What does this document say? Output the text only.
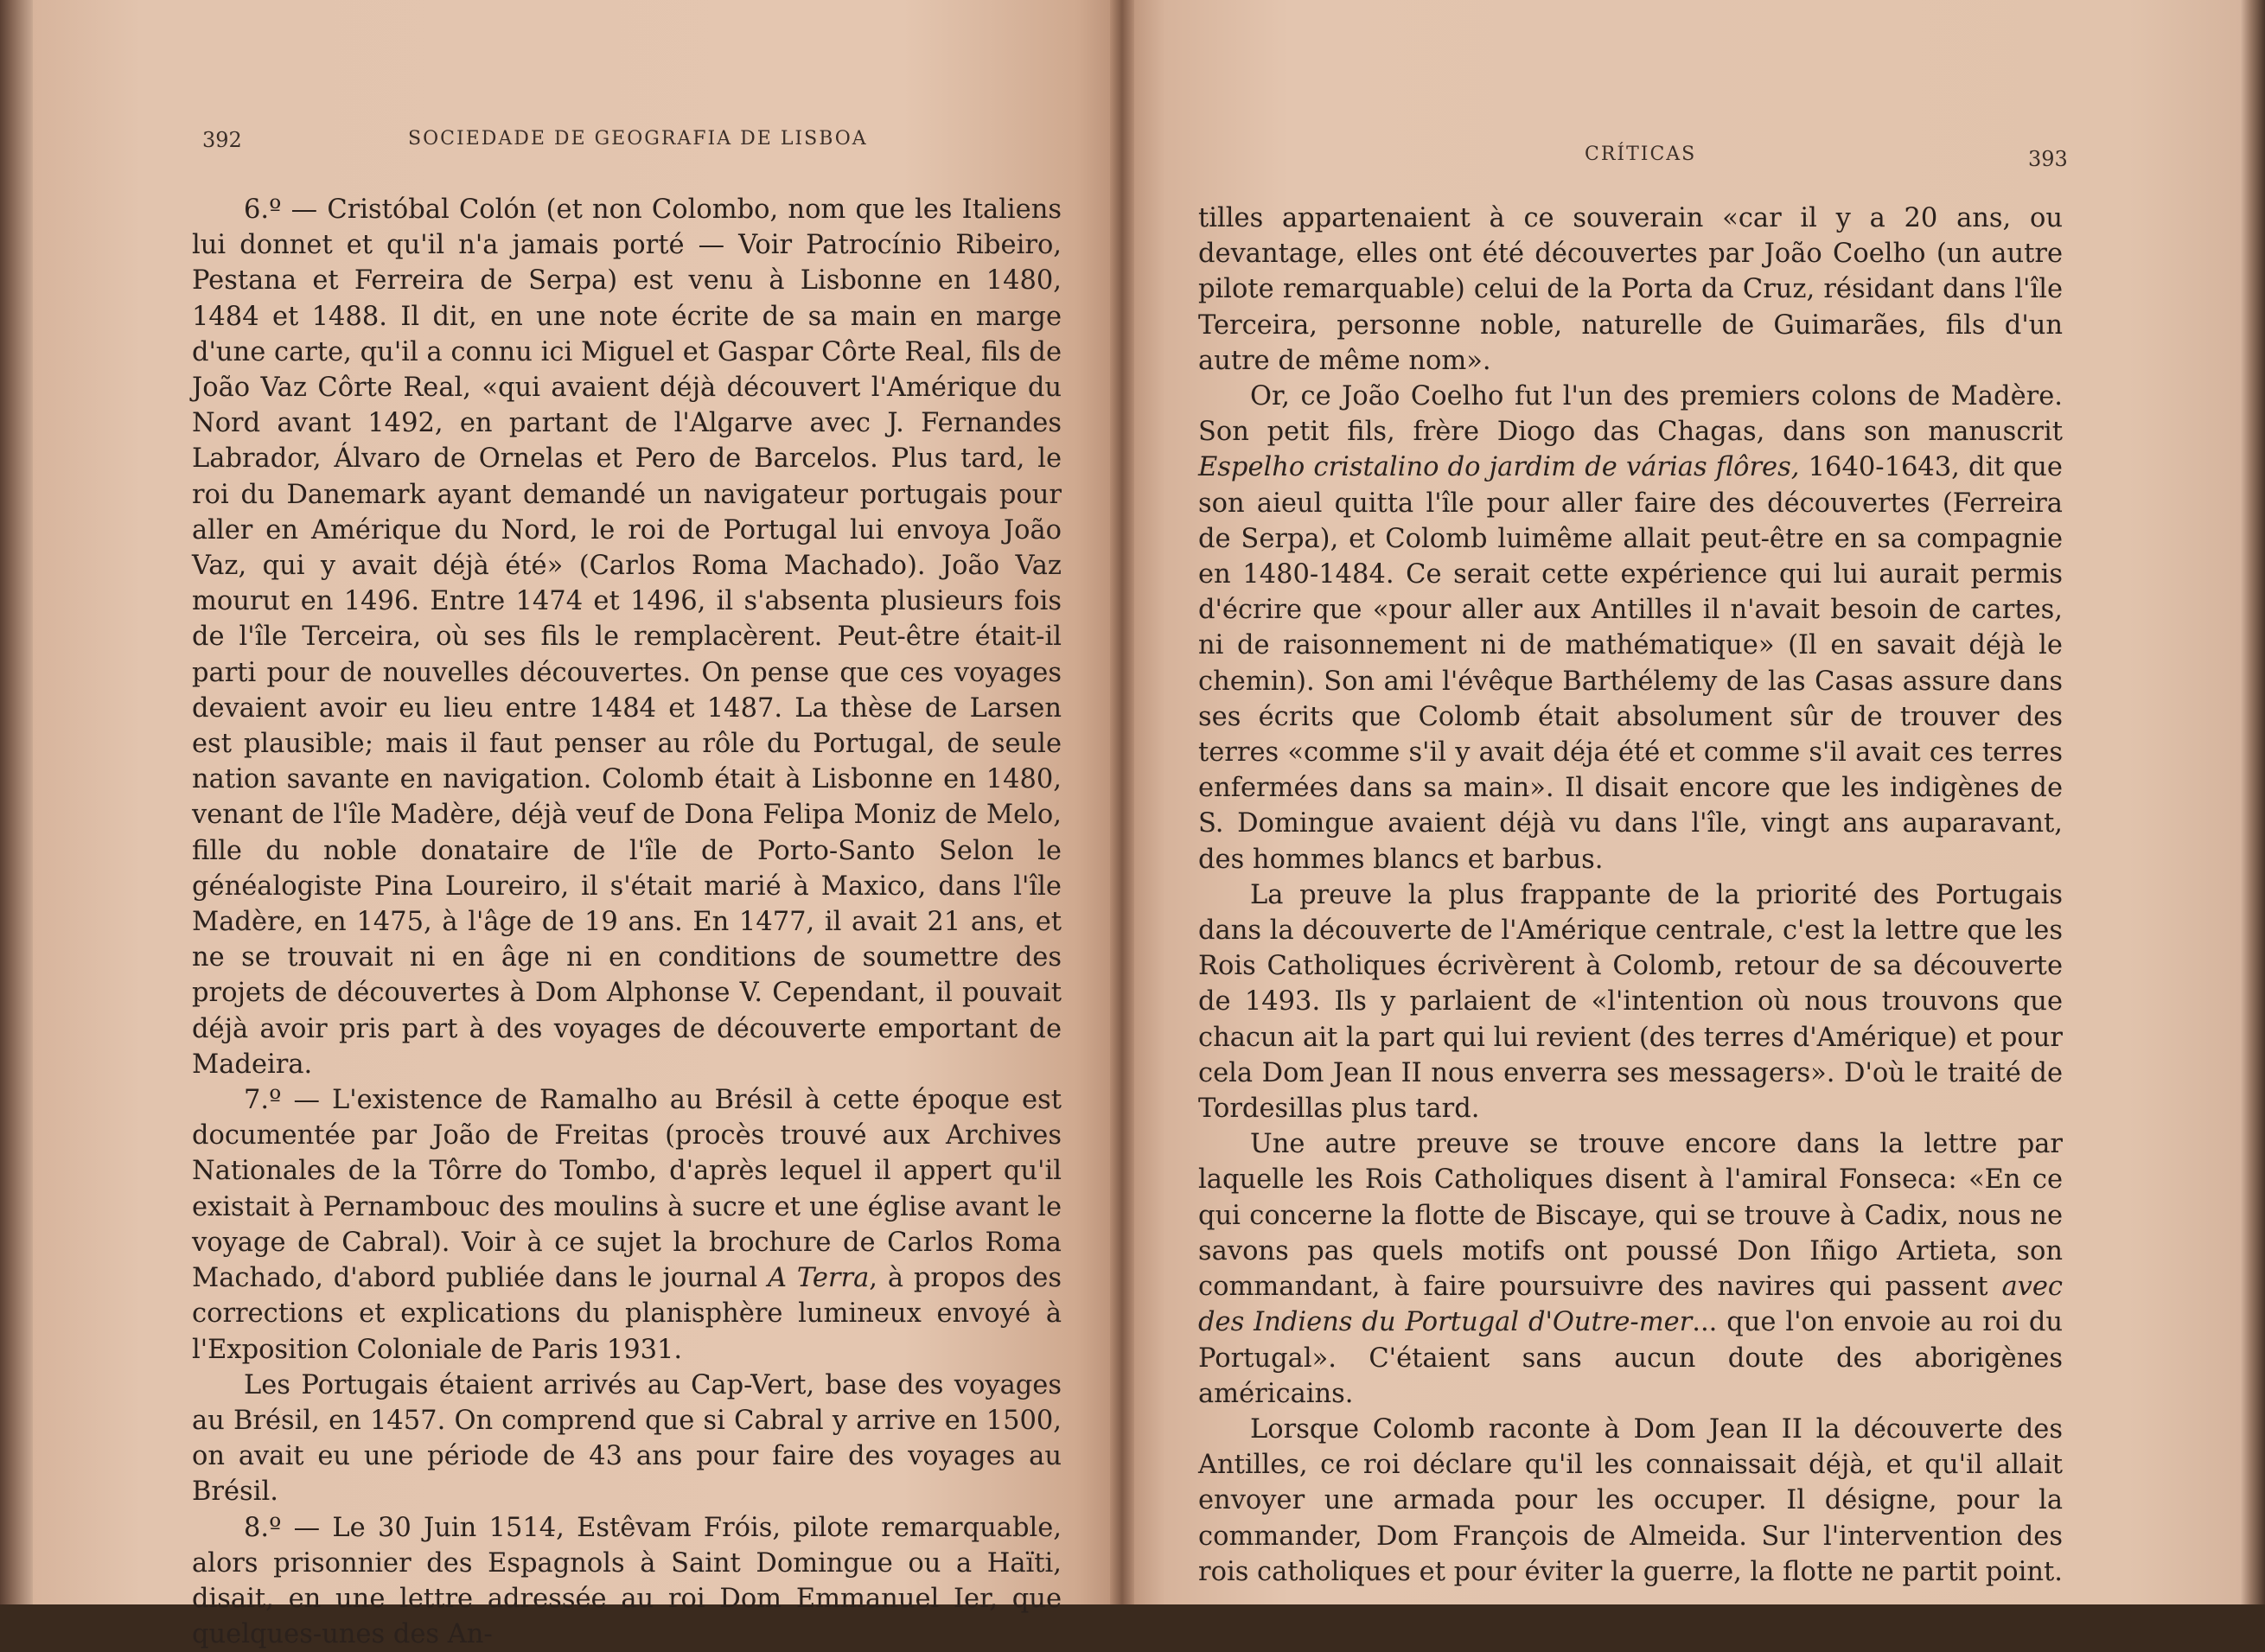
392	SOCIEDADE DE GEOGRAFIA DE LISBOA
CRÍTICAS	393

6.º — Cristóbal Colón (et non Colombo, nom que les Italiens lui donnet et qu'il n'a jamais porté — Voir Patrocínio Ribeiro, Pestana et Ferreira de Serpa) est venu à Lisbonne en 1480, 1484 et 1488. Il dit, en une note écrite de sa main en marge d'une carte, qu'il a connu ici Miguel et Gaspar Côrte Real, fils de João Vaz Côrte Real, «qui avaient déjà découvert l'Amérique du Nord avant 1492, en partant de l'Algarve avec J. Fernandes Labrador, Álvaro de Ornelas et Pero de Barcelos. Plus tard, le roi du Danemark ayant demandé un navigateur portugais pour aller en Amérique du Nord, le roi de Portugal lui envoya João Vaz, qui y avait déjà été» (Carlos Roma Machado). João Vaz mourut en 1496. Entre 1474 et 1496, il s'absenta plusieurs fois de l'île Terceira, où ses fils le remplacèrent. Peut-être était-il parti pour de nouvelles découvertes. On pense que ces voyages devaient avoir eu lieu entre 1484 et 1487. La thèse de Larsen est plausible; mais il faut penser au rôle du Portugal, de seule nation savante en navigation. Colomb était à Lisbonne en 1480, venant de l'île Madère, déjà veuf de Dona Felipa Moniz de Melo, fille du noble donataire de l'île de Porto-Santo Selon le généalogiste Pina Loureiro, il s'était marié à Maxico, dans l'île Madère, en 1475, à l'âge de 19 ans. En 1477, il avait 21 ans, et ne se trouvait ni en âge ni en conditions de soumettre des projets de découvertes à Dom Alphonse V. Cependant, il pouvait déjà avoir pris part à des voyages de découverte emportant de Madeira.

7.º — L'existence de Ramalho au Brésil à cette époque est documentée par João de Freitas (procès trouvé aux Archives Nationales de la Tôrre do Tombo, d'après lequel il appert qu'il existait à Pernambouc des moulins à sucre et une église avant le voyage de Cabral). Voir à ce sujet la brochure de Carlos Roma Machado, d'abord publiée dans le journal A Terra, à propos des corrections et explications du planisphère lumineux envoyé à l'Exposition Coloniale de Paris 1931.

Les Portugais étaient arrivés au Cap-Vert, base des voyages au Brésil, en 1457. On comprend que si Cabral y arrive en 1500, on avait eu une période de 43 ans pour faire des voyages au Brésil.

8.º — Le 30 Juin 1514, Estêvam Fróis, pilote remarquable, alors prisonnier des Espagnols à Saint Domingue ou a Haïti, disait, en une lettre adressée au roi Dom Emmanuel Ier, que quelques-unes des An-

tilles appartenaient à ce souverain «car il y a 20 ans, ou devantage, elles ont été découvertes par João Coelho (un autre pilote remarquable) celui de la Porta da Cruz, résidant dans l'île Terceira, personne noble, naturelle de Guimarães, fils d'un autre de même nom».

Or, ce João Coelho fut l'un des premiers colons de Madère. Son petit fils, frère Diogo das Chagas, dans son manuscrit Espelho cristalino do jardim de várias flôres, 1640-1643, dit que son aieul quitta l'île pour aller faire des découvertes (Ferreira de Serpa), et Colomb luimême allait peut-être en sa compagnie en 1480-1484. Ce serait cette expérience qui lui aurait permis d'écrire que «pour aller aux Antilles il n'avait besoin de cartes, ni de raisonnement ni de mathématique» (Il en savait déjà le chemin). Son ami l'évêque Barthélemy de las Casas assure dans ses écrits que Colomb était absolument sûr de trouver des terres «comme s'il y avait déja été et comme s'il avait ces terres enfermées dans sa main». Il disait encore que les indigènes de S. Domingue avaient déjà vu dans l'île, vingt ans auparavant, des hommes blancs et barbus.

La preuve la plus frappante de la priorité des Portugais dans la découverte de l'Amérique centrale, c'est la lettre que les Rois Catholiques écrivèrent à Colomb, retour de sa découverte de 1493. Ils y parlaient de «l'intention où nous trouvons que chacun ait la part qui lui revient (des terres d'Amérique) et pour cela Dom Jean II nous enverra ses messagers». D'où le traité de Tordesillas plus tard.

Une autre preuve se trouve encore dans la lettre par laquelle les Rois Catholiques disent à l'amiral Fonseca: «En ce qui concerne la flotte de Biscaye, qui se trouve à Cadix, nous ne savons pas quels motifs ont poussé Don Iñigo Artieta, son commandant, à faire poursuivre des navires qui passent avec des Indiens du Portugal d'Outre-mer... que l'on envoie au roi du Portugal». C'étaient sans aucun doute des aborigènes américains.

Lorsque Colomb raconte à Dom Jean II la découverte des Antilles, ce roi déclare qu'il les connaissait déjà, et qu'il allait envoyer une armada pour les occuper. Il désigne, pour la commander, Dom François de Almeida. Sur l'intervention des rois catholiques et pour éviter la guerre, la flotte ne partit point.
